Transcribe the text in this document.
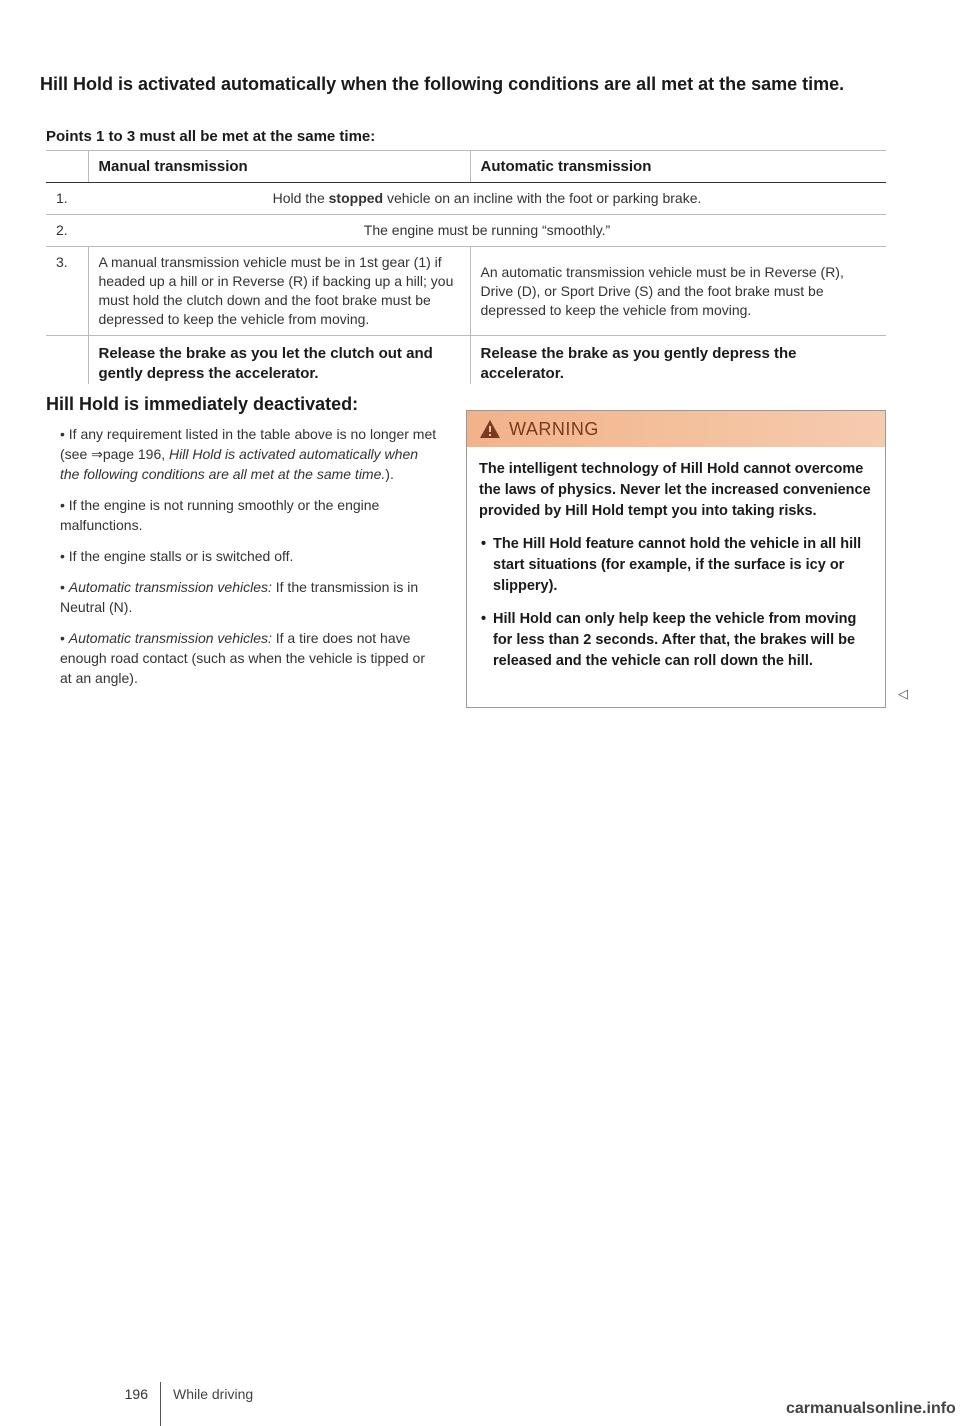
Hill Hold is activated automatically when the following conditions are all met at the same time.
Points 1 to 3 must all be met at the same time:
	Manual transmission	Automatic transmission
1.	Hold the stopped vehicle on an incline with the foot or parking brake.	
2.	The engine must be running “smoothly.”	
3.	A manual transmission vehicle must be in 1st gear (1) if headed up a hill or in Reverse (R) if backing up a hill; you must hold the clutch down and the foot brake must be depressed to keep the vehicle from moving.	An automatic transmission vehicle must be in Reverse (R), Drive (D), or Sport Drive (S) and the foot brake must be depressed to keep the vehicle from moving.
	Release the brake as you let the clutch out and gently depress the accelerator.	Release the brake as you gently depress the accelerator.
Hill Hold is immediately deactivated:
• If any requirement listed in the table above is no longer met (see ⇒page 196, Hill Hold is activated automatically when the following conditions are all met at the same time.).
• If the engine is not running smoothly or the engine malfunctions.
• If the engine stalls or is switched off.
• Automatic transmission vehicles: If the transmission is in Neutral (N).
• Automatic transmission vehicles: If a tire does not have enough road contact (such as when the vehicle is tipped or at an angle).
WARNING

The intelligent technology of Hill Hold cannot overcome the laws of physics. Never let the increased convenience provided by Hill Hold tempt you into taking risks.

• The Hill Hold feature cannot hold the vehicle in all hill start situations (for example, if the surface is icy or slippery).
• Hill Hold can only help keep the vehicle from moving for less than 2 seconds. After that, the brakes will be released and the vehicle can roll down the hill.
◁
196 While driving
carmanualsonline.info
